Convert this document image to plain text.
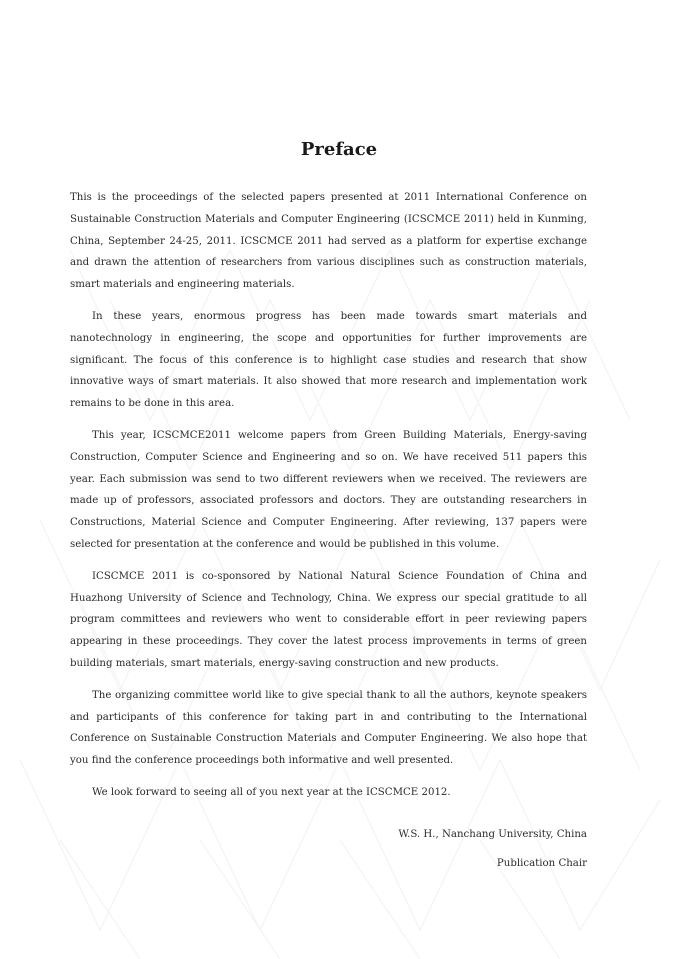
Preface

This is the proceedings of the selected papers presented at 2011 International Conference on Sustainable Construction Materials and Computer Engineering (ICSCMCE 2011) held in Kunming, China, September 24-25, 2011. ICSCMCE 2011 had served as a platform for expertise exchange and drawn the attention of researchers from various disciplines such as construction materials, smart materials and engineering materials.

In these years, enormous progress has been made towards smart materials and nanotechnology in engineering, the scope and opportunities for further improvements are significant. The focus of this conference is to highlight case studies and research that show innovative ways of smart materials. It also showed that more research and implementation work remains to be done in this area.

This year, ICSCMCE2011 welcome papers from Green Building Materials, Energy-saving Construction, Computer Science and Engineering and so on. We have received 511 papers this year. Each submission was send to two different reviewers when we received. The reviewers are made up of professors, associated professors and doctors. They are outstanding researchers in Constructions, Material Science and Computer Engineering. After reviewing, 137 papers were selected for presentation at the conference and would be published in this volume.

ICSCMCE 2011 is co-sponsored by National Natural Science Foundation of China and Huazhong University of Science and Technology, China. We express our special gratitude to all program committees and reviewers who went to considerable effort in peer reviewing papers appearing in these proceedings. They cover the latest process improvements in terms of green building materials, smart materials, energy-saving construction and new products.

The organizing committee world like to give special thank to all the authors, keynote speakers and participants of this conference for taking part in and contributing to the International Conference on Sustainable Construction Materials and Computer Engineering. We also hope that you find the conference proceedings both informative and well presented.

We look forward to seeing all of you next year at the ICSCMCE 2012.

W.S. H., Nanchang University, China
Publication Chair
